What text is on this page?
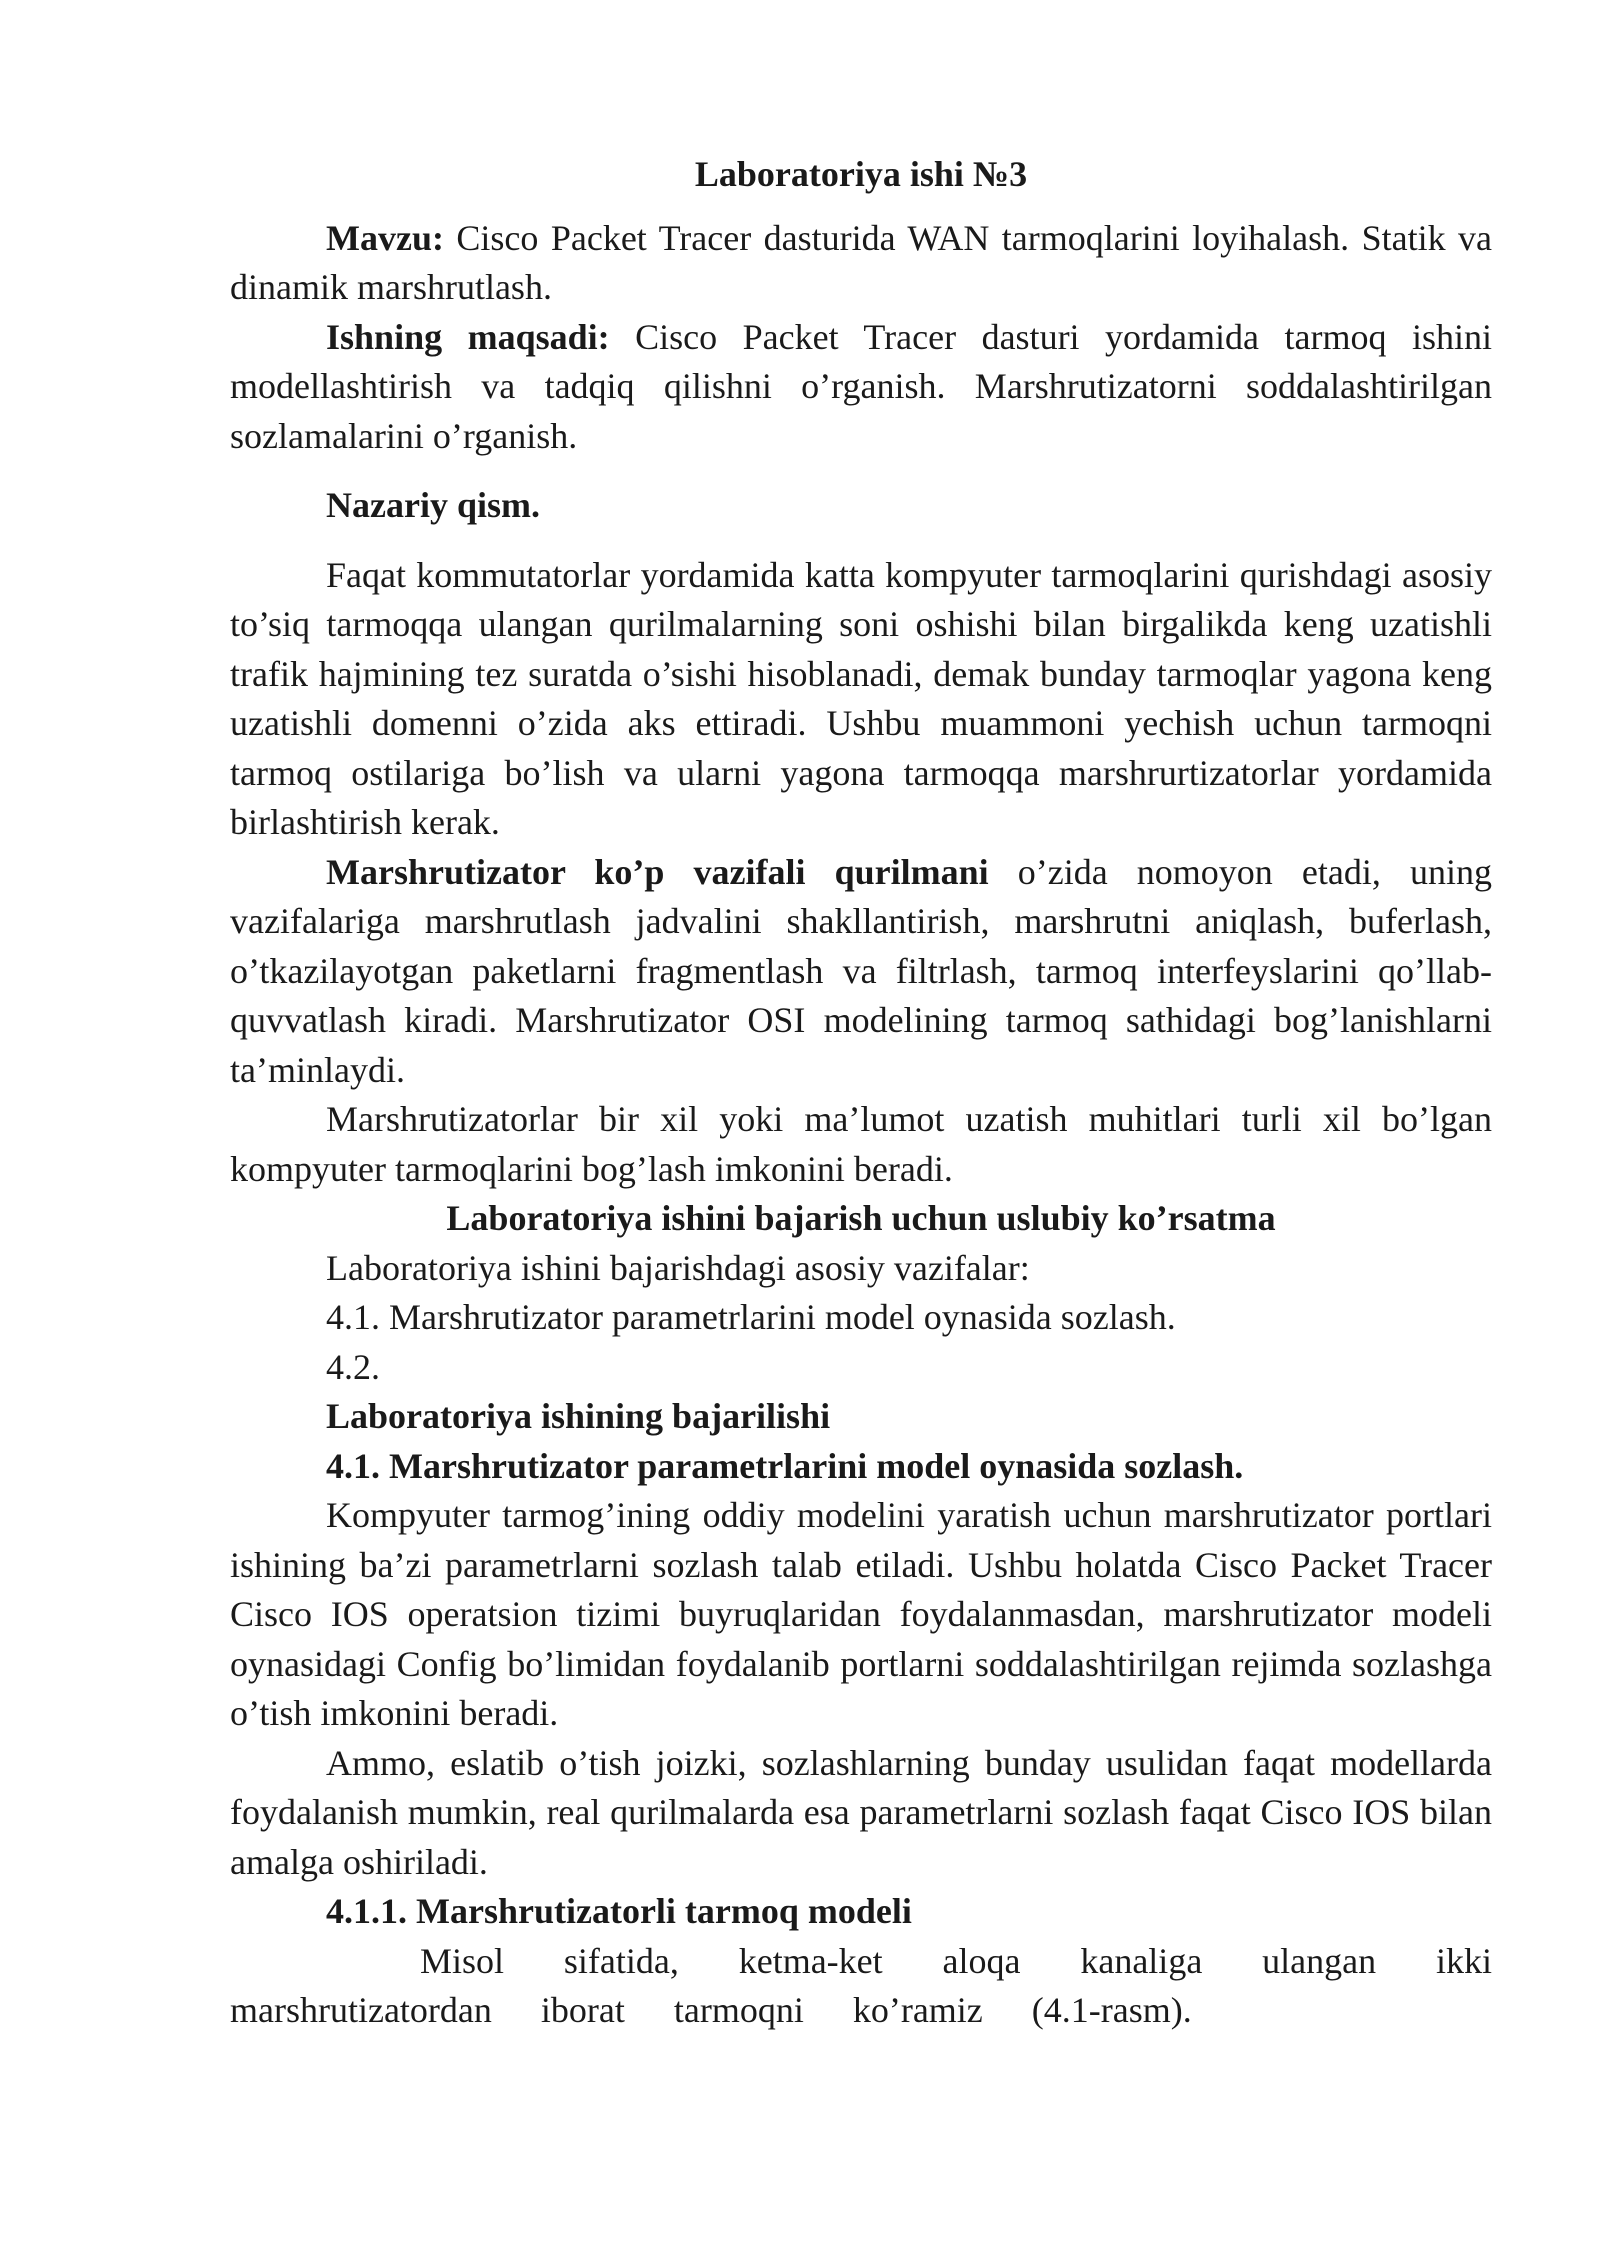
Laboratoriya ishi №3

Mavzu: Cisco Packet Tracer dasturida WAN tarmoqlarini loyihalash. Statik va dinamik marshrutlash.

Ishning maqsadi: Cisco Packet Tracer dasturi yordamida tarmoq ishini modellashtirish va tadqiq qilishni o’rganish. Marshrutizatorni soddalashtirilgan sozlamalarini o’rganish.

Nazariy qism.

Faqat kommutatorlar yordamida katta kompyuter tarmoqlarini qurishdagi asosiy to’siq tarmoqqa ulangan qurilmalarning soni oshishi bilan birgalikda keng uzatishli trafik hajmining tez suratda o’sishi hisoblanadi, demak bunday tarmoqlar yagona keng uzatishli domenni o’zida aks ettiradi. Ushbu muammoni yechish uchun tarmoqni tarmoq ostilariga bo’lish va ularni yagona tarmoqqa marshrurtizatorlar yordamida birlashtirish kerak.

Marshrutizator ko’p vazifali qurilmani o’zida nomoyon etadi, uning vazifalariga marshrutlash jadvalini shakllantirish, marshrutni aniqlash, buferlash, o’tkazilayotgan paketlarni fragmentlash va filtrlash, tarmoq interfeyslarini qo’llab-quvvatlash kiradi. Marshrutizator OSI modelining tarmoq sathidagi bog’lanishlarni ta’minlaydi.

Marshrutizatorlar bir xil yoki ma’lumot uzatish muhitlari turli xil bo’lgan kompyuter tarmoqlarini bog’lash imkonini beradi.

Laboratoriya ishini bajarish uchun uslubiy ko’rsatma

Laboratoriya ishini bajarishdagi asosiy vazifalar:

4.1. Marshrutizator parametrlarini model oynasida sozlash.

4.2.

Laboratoriya ishining bajarilishi

4.1. Marshrutizator parametrlarini model oynasida sozlash.

Kompyuter tarmog’ining oddiy modelini yaratish uchun marshrutizator portlari ishining ba’zi parametrlarni sozlash talab etiladi. Ushbu holatda Cisco Packet Tracer Cisco IOS operatsion tizimi buyruqlaridan foydalanmasdan, marshrutizator modeli oynasidagi Config bo’limidan foydalanib portlarni soddalashtirilgan rejimda sozlashga o’tish imkonini beradi.

Ammo, eslatib o’tish joizki, sozlashlarning bunday usulidan faqat modellarda foydalanish mumkin, real qurilmalarda esa parametrlarni sozlash faqat Cisco IOS bilan amalga oshiriladi.

4.1.1. Marshrutizatorli tarmoq modeli

Misol sifatida, ketma-ket aloqa kanaliga ulangan ikki marshrutizatordan iborat tarmoqni ko’ramiz (4.1-rasm).
